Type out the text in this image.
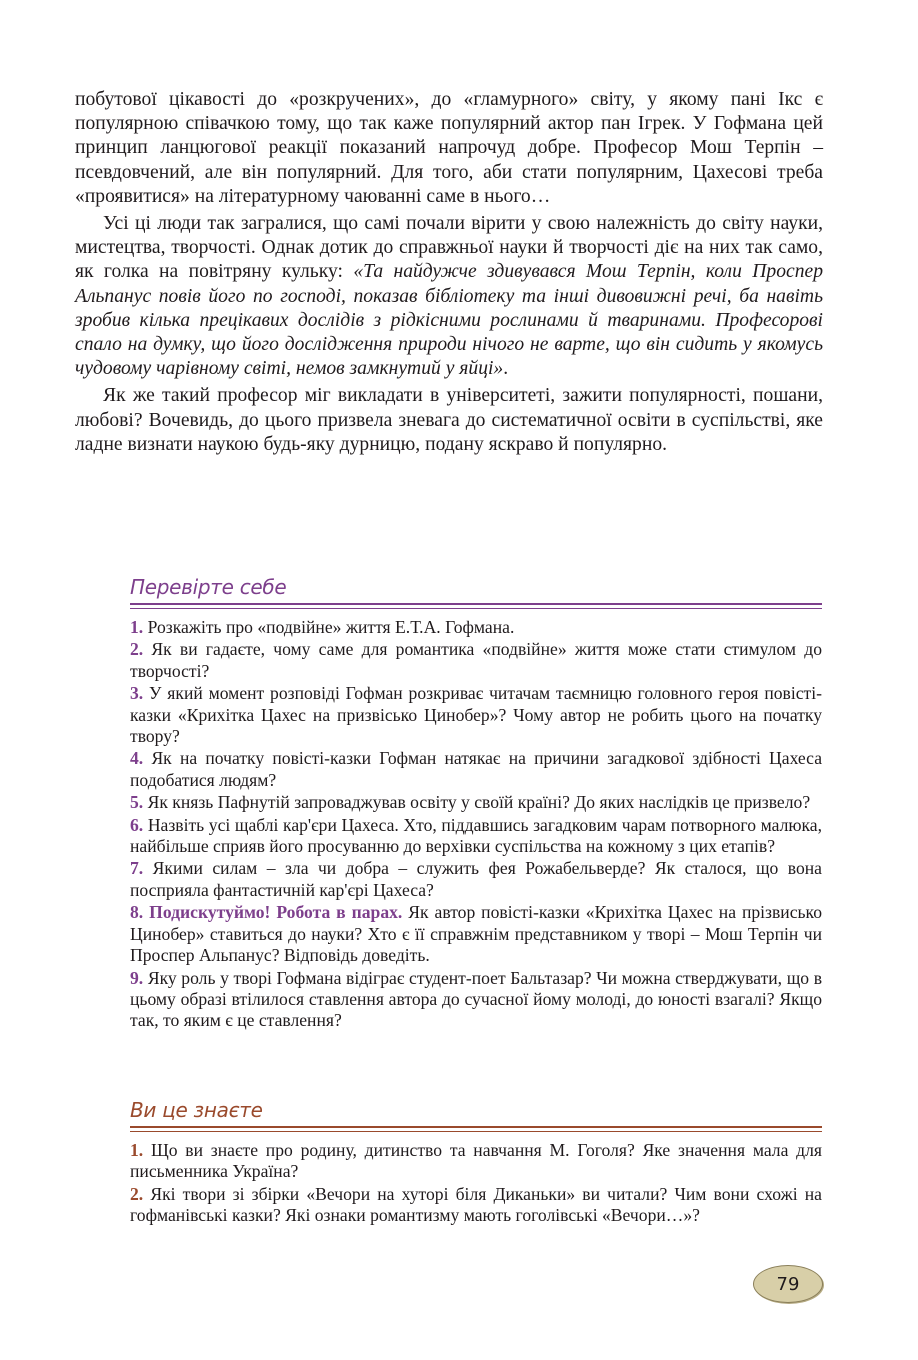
побутової цікавості до «розкручених», до «гламурного» світу, у якому пані Ікс є популярною співачкою тому, що так каже популярний актор пан Ігрек. У Гофмана цей принцип ланцюгової реакції показаний напрочуд добре. Професор Мош Терпін – псевдовчений, але він популярний. Для того, аби стати популярним, Цахесові треба «проявитися» на літературному чаюванні саме в нього…

Усі ці люди так загралися, що самі почали вірити у свою належність до світу науки, мистецтва, творчості. Однак дотик до справжньої науки й творчості діє на них так само, як голка на повітряну кульку: «Та найдужче здивувався Мош Терпін, коли Проспер Альпанус повів його по господі, показав бібліотеку та інші дивовижні речі, ба навіть зробив кілька прецікавих дослідів з рідкісними рослинами й тваринами. Професорові спало на думку, що його дослідження природи нічого не варте, що він сидить у якомусь чудовому чарівному світі, немов замкнутий у яйці».

Як же такий професор міг викладати в університеті, зажити популярності, пошани, любові? Вочевидь, до цього призвела зневага до систематичної освіти в суспільстві, яке ладне визнати наукою будь-яку дурницю, подану яскраво й популярно.

Перевірте себе
1. Розкажіть про «подвійне» життя Е.Т.А. Гофмана.
2. Як ви гадаєте, чому саме для романтика «подвійне» життя може стати стимулом до творчості?
3. У який момент розповіді Гофман розкриває читачам таємницю головного героя повісті-казки «Крихітка Цахес на призвісько Цинобер»? Чому автор не робить цього на початку твору?
4. Як на початку повісті-казки Гофман натякає на причини загадкової здібності Цахеса подобатися людям?
5. Як князь Пафнутій запроваджував освіту у своїй країні? До яких наслідків це призвело?
6. Назвіть усі щаблі кар'єри Цахеса. Хто, піддавшись загадковим чарам потворного малюка, найбільше сприяв його просуванню до верхівки суспільства на кожному з цих етапів?
7. Якими силам – зла чи добра – служить фея Рожабельверде? Як сталося, що вона посприяла фантастичній кар'єрі Цахеса?
8. Подискутуймо! Робота в парах. Як автор повісті-казки «Крихітка Цахес на прізвисько Цинобер» ставиться до науки? Хто є її справжнім представником у творі – Мош Терпін чи Проспер Альпанус? Відповідь доведіть.
9. Яку роль у творі Гофмана відіграє студент-поет Бальтазар? Чи можна стверджувати, що в цьому образі втілилося ставлення автора до сучасної йому молоді, до юності взагалі? Якщо так, то яким є це ставлення?
Ви це знаєте
1. Що ви знаєте про родину, дитинство та навчання М. Гоголя? Яке значення мала для письменника Україна?
2. Які твори зі збірки «Вечори на хуторі біля Диканьки» ви читали? Чим вони схожі на гофманівські казки? Які ознаки романтизму мають гоголівські «Вечори…»?
79
